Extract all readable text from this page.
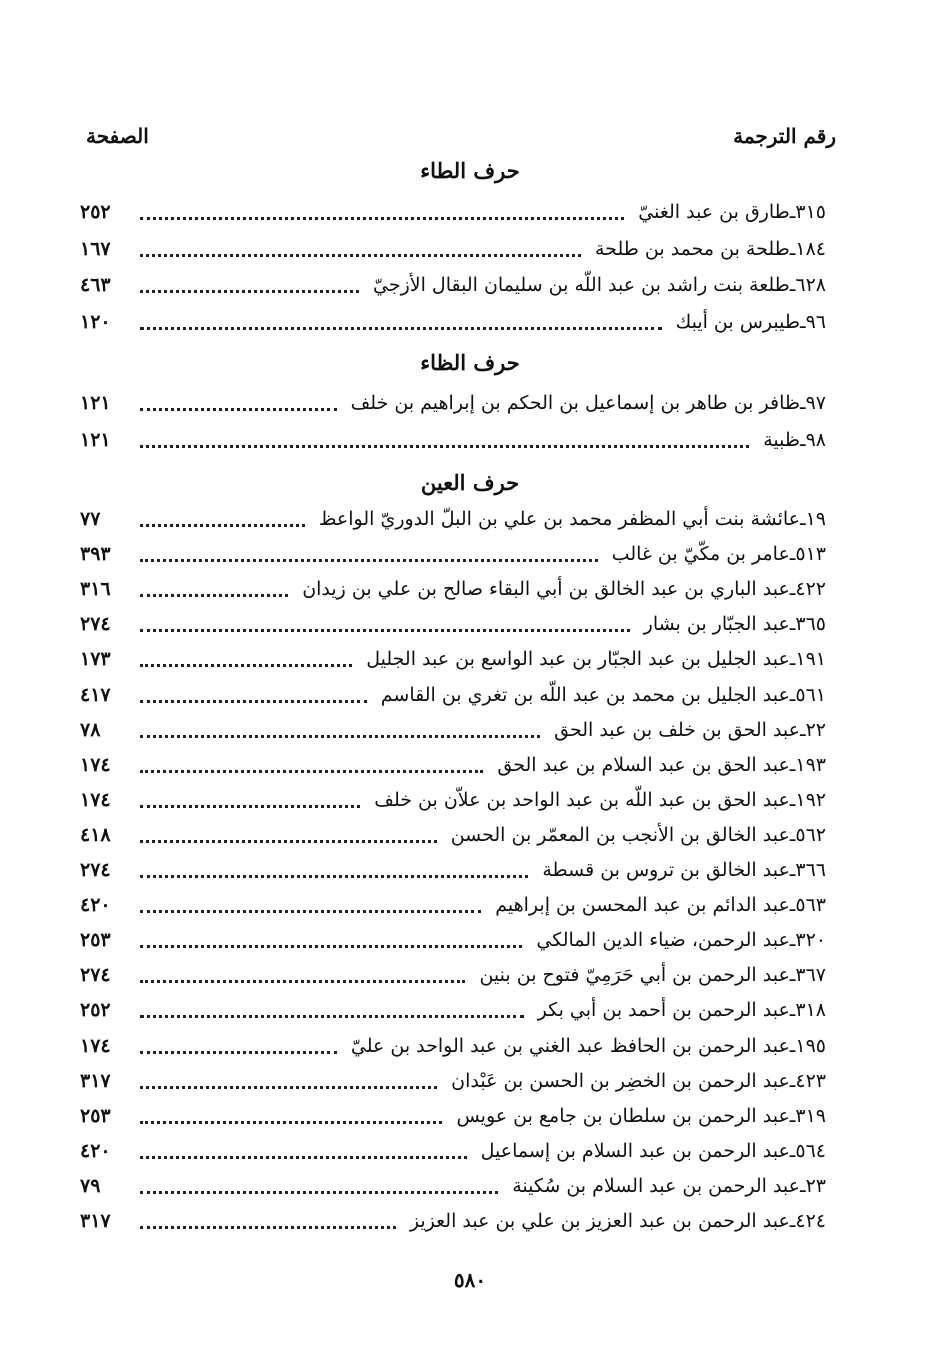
رقم الترجمة
الصفحة
حرف الطاء
٣١٥
ـ
طارق بن عبد الغنيّ
٢٥٢
١٨٤
ـ
طلحة بن محمد بن طلحة
١٦٧
٦٢٨
ـ
طلعة بنت راشد بن عبد اللّه بن سليمان البقال الأزجيّ
٤٦٣
٩٦
ـ
طيبرس بن أيبك
١٢٠
حرف الظاء
٩٧
ـ
ظافر بن طاهر بن إسماعيل بن الحكم بن إبراهيم بن خلف
١٢١
٩٨
ـ
ظبية
١٢١
حرف العين
١٩
ـ
عائشة بنت أبي المظفر محمد بن علي بن البلّ الدوريّ الواعظ
٧٧
٥١٣
ـ
عامر بن مكّيّ بن غالب
٣٩٣
٤٢٢
ـ
عبد الباري بن عبد الخالق بن أبي البقاء صالح بن علي بن زيدان
٣١٦
٣٦٥
ـ
عبد الجبّار بن بشار
٢٧٤
١٩١
ـ
عبد الجليل بن عبد الجبّار بن عبد الواسع بن عبد الجليل
١٧٣
٥٦١
ـ
عبد الجليل بن محمد بن عبد اللّه بن تغري بن القاسم
٤١٧
٢٢
ـ
عبد الحق بن خلف بن عبد الحق
٧٨
١٩٣
ـ
عبد الحق بن عبد السلام بن عبد الحق
١٧٤
١٩٢
ـ
عبد الحق بن عبد اللّه بن عبد الواحد بن علاّن بن خلف
١٧٤
٥٦٢
ـ
عبد الخالق بن الأنجب بن المعمّر بن الحسن
٤١٨
٣٦٦
ـ
عبد الخالق بن تروس بن قسطة
٢٧٤
٥٦٣
ـ
عبد الدائم بن عبد المحسن بن إبراهيم
٤٢٠
٣٢٠
ـ
عبد الرحمن، ضياء الدين المالكي
٢٥٣
٣٦٧
ـ
عبد الرحمن بن أبي حَرَمِيّ فتوح بن بنين
٢٧٤
٣١٨
ـ
عبد الرحمن بن أحمد بن أبي بكر
٢٥٢
١٩٥
ـ
عبد الرحمن بن الحافظ عبد الغني بن عبد الواحد بن عليّ
١٧٤
٤٢٣
ـ
عبد الرحمن بن الخضِر بن الحسن بن عَبْدان
٣١٧
٣١٩
ـ
عبد الرحمن بن سلطان بن جامع بن عويس
٢٥٣
٥٦٤
ـ
عبد الرحمن بن عبد السلام بن إسماعيل
٤٢٠
٢٣
ـ
عبد الرحمن بن عبد السلام بن سُكينة
٧٩
٤٢٤
ـ
عبد الرحمن بن عبد العزيز بن علي بن عبد العزيز
٣١٧
٥٨٠
